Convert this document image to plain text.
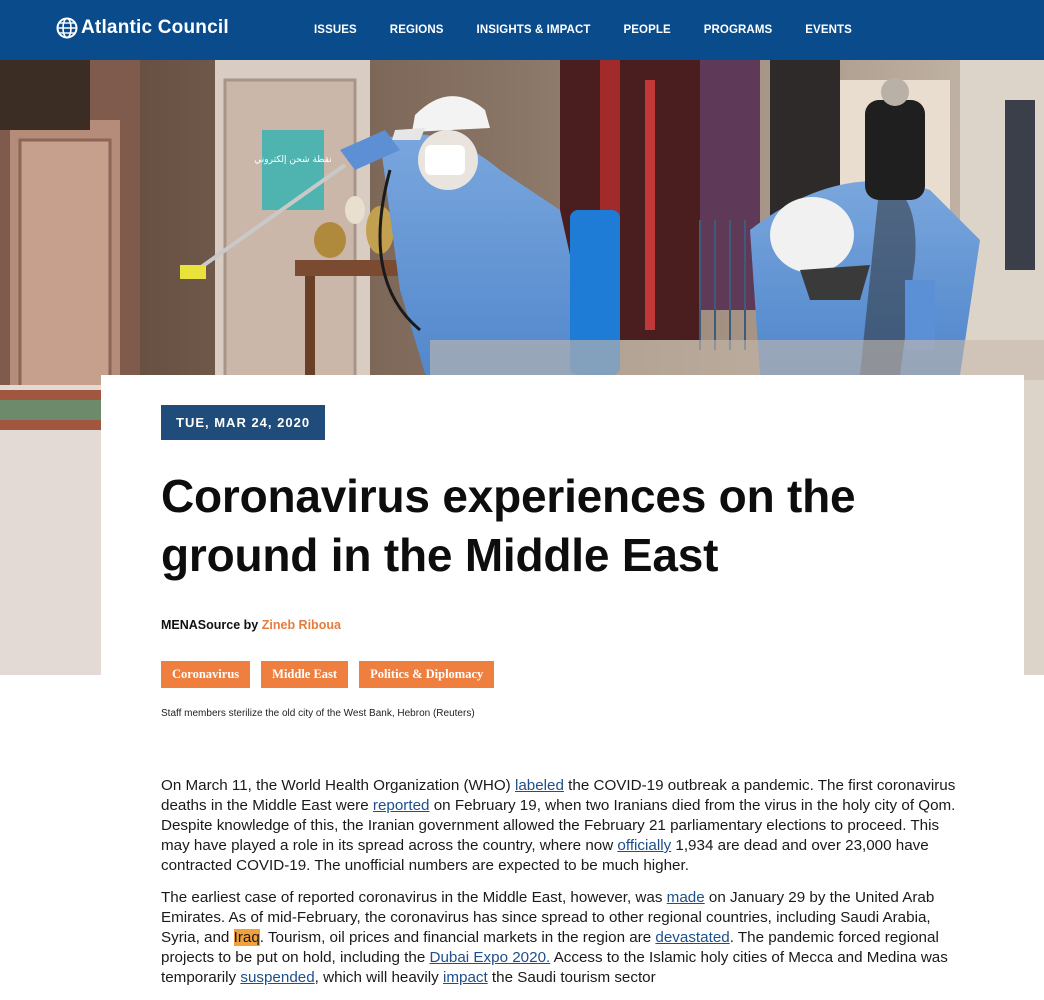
Atlantic Council	ISSUES	REGIONS	INSIGHTS & IMPACT	PEOPLE	PROGRAMS	EVENTS
نقطة شحن إلكتروني
TUE, MAR 24, 2020
Coronavirus experiences on the ground in the Middle East
MENASource by Zineb Riboua
Coronavirus	Middle East	Politics & Diplomacy
Staff members sterilize the old city of the West Bank, Hebron (Reuters)

On March 11, the World Health Organization (WHO) labeled the COVID-19 outbreak a pandemic. The first coronavirus deaths in the Middle East were reported on February 19, when two Iranians died from the virus in the holy city of Qom. Despite knowledge of this, the Iranian government allowed the February 21 parliamentary elections to proceed. This may have played a role in its spread across the country, where now officially 1,934 are dead and over 23,000 have contracted COVID-19. The unofficial numbers are expected to be much higher.

The earliest case of reported coronavirus in the Middle East, however, was made on January 29 by the United Arab Emirates. As of mid-February, the coronavirus has since spread to other regional countries, including Saudi Arabia, Syria, and Iraq. Tourism, oil prices and financial markets in the region are devastated. The pandemic forced regional projects to be put on hold, including the Dubai Expo 2020. Access to the Islamic holy cities of Mecca and Medina was temporarily suspended, which will heavily impact the Saudi tourism sector
